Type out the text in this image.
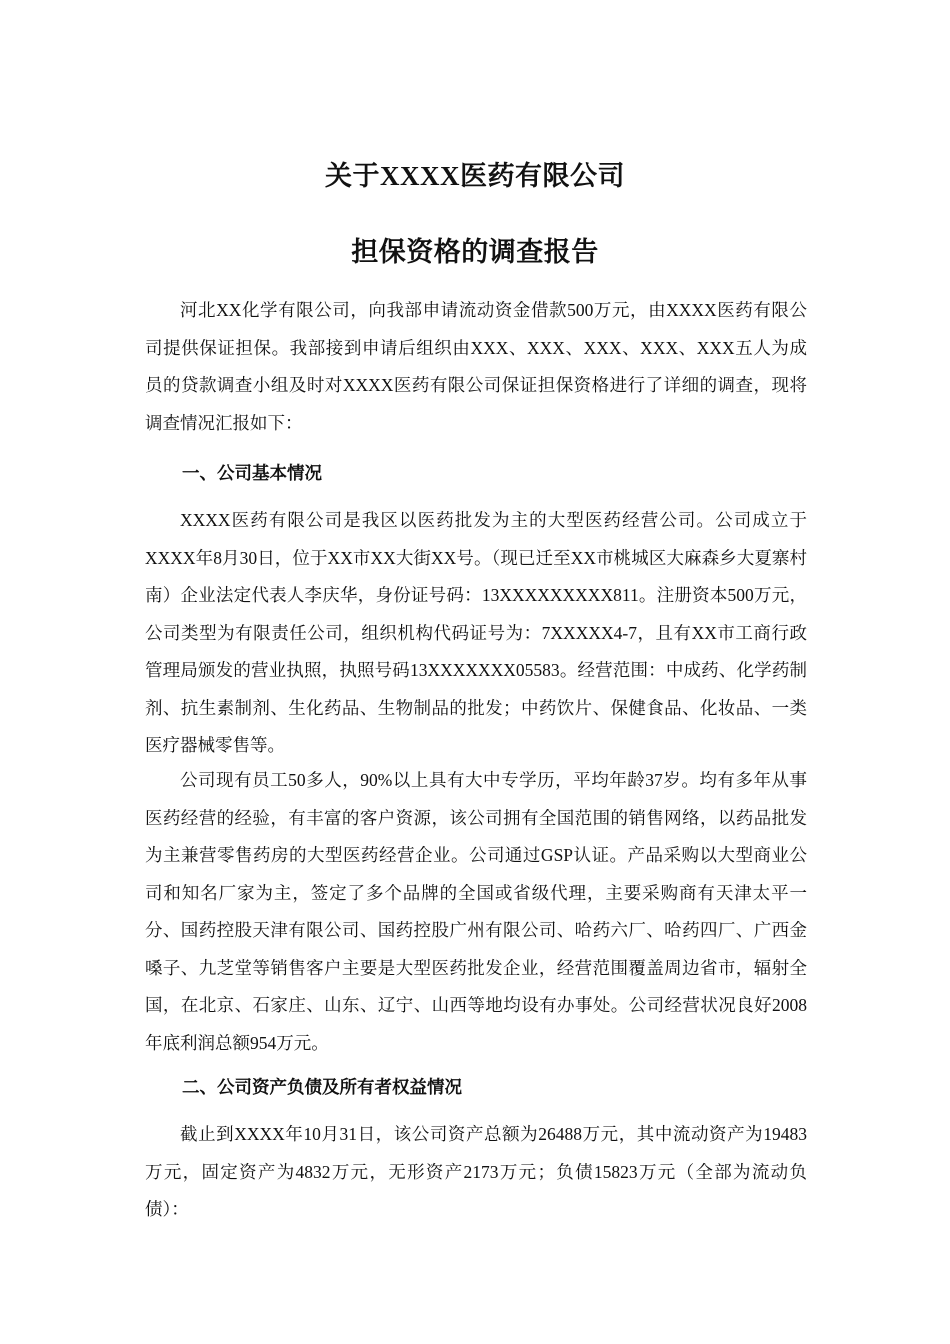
关于XXXX医药有限公司
担保资格的调查报告

河北XX化学有限公司，向我部申请流动资金借款500万元，由XXXX医药有限公司提供保证担保。我部接到申请后组织由XXX、XXX、XXX、XXX、XXX五人为成员的贷款调查小组及时对XXXX医药有限公司保证担保资格进行了详细的调查，现将调查情况汇报如下：

一、公司基本情况

XXXX医药有限公司是我区以医药批发为主的大型医药经营公司。公司成立于XXXX年8月30日，位于XX市XX大街XX号。（现已迁至XX市桃城区大麻森乡大夏寨村南）企业法定代表人李庆华，身份证号码：13XXXXXXXXX811。注册资本500万元，公司类型为有限责任公司，组织机构代码证号为：7XXXXX4-7，且有XX市工商行政管理局颁发的营业执照，执照号码13XXXXXXX05583。经营范围：中成药、化学药制剂、抗生素制剂、生化药品、生物制品的批发；中药饮片、保健食品、化妆品、一类医疗器械零售等。

公司现有员工50多人，90%以上具有大中专学历，平均年龄37岁。均有多年从事医药经营的经验，有丰富的客户资源，该公司拥有全国范围的销售网络，以药品批发为主兼营零售药房的大型医药经营企业。公司通过GSP认证。产品采购以大型商业公司和知名厂家为主，签定了多个品牌的全国或省级代理，主要采购商有天津太平一分、国药控股天津有限公司、国药控股广州有限公司、哈药六厂、哈药四厂、广西金嗓子、九芝堂等销售客户主要是大型医药批发企业，经营范围覆盖周边省市，辐射全国，在北京、石家庄、山东、辽宁、山西等地均设有办事处。公司经营状况良好2008年底利润总额954万元。

二、公司资产负债及所有者权益情况

截止到XXXX年10月31日，该公司资产总额为26488万元，其中流动资产为19483万元，固定资产为4832万元，无形资产2173万元；负债15823万元（全部为流动负债）：
